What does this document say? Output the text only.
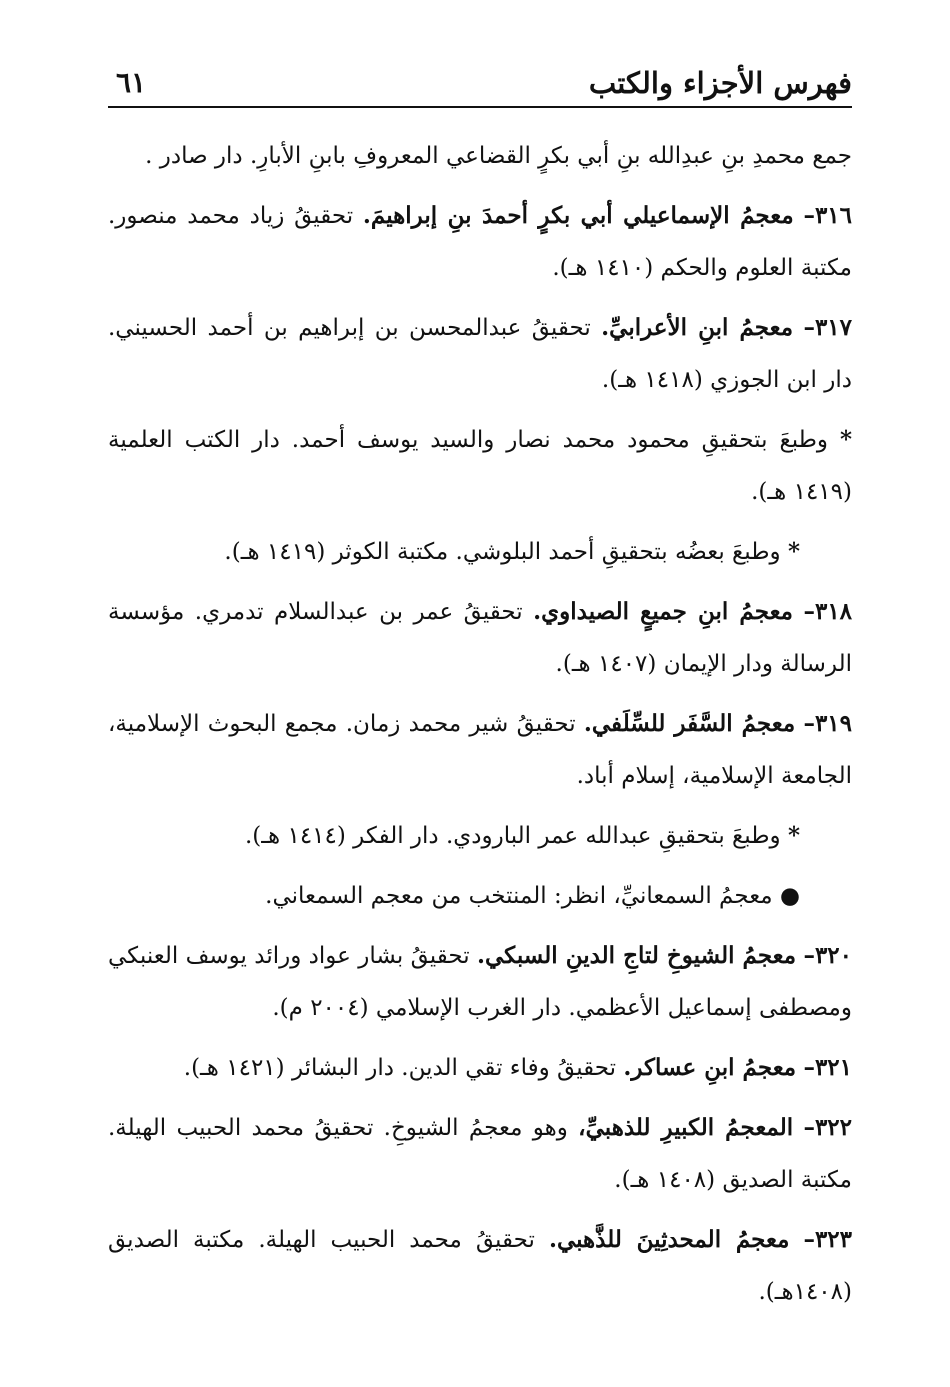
فهرس الأجزاء والكتب
٦١

جمع محمدِ بنِ عبدِالله بنِ أبي بكرٍ القضاعي المعروفِ بابنِ الأبارِ. دار صادر .

٣١٦– معجمُ الإسماعيلي أبي بكرٍ أحمدَ بنِ إبراهيمَ. تحقيقُ زياد محمد منصور. مكتبة العلوم والحكم (١٤١٠ هـ).

٣١٧– معجمُ ابنِ الأعرابيِّ. تحقيقُ عبدالمحسن بن إبراهيم بن أحمد الحسيني. دار ابن الجوزي (١٤١٨ هـ).

* وطبعَ بتحقيقِ محمود محمد نصار والسيد يوسف أحمد. دار الكتب العلمية (١٤١٩ هـ).

* وطبعَ بعضُه بتحقيقِ أحمد البلوشي. مكتبة الكوثر (١٤١٩ هـ).

٣١٨– معجمُ ابنِ جميعٍ الصيداوي. تحقيقُ عمر بن عبدالسلام تدمري. مؤسسة الرسالة ودار الإيمان (١٤٠٧ هـ).

٣١٩– معجمُ السَّفَر للسِّلَفي. تحقيقُ شير محمد زمان. مجمع البحوث الإسلامية، الجامعة الإسلامية، إسلام أباد.

* وطبعَ بتحقيقِ عبدالله عمر البارودي. دار الفكر (١٤١٤ هـ).

● معجمُ السمعانيِّ، انظر: المنتخب من معجم السمعاني.

٣٢٠– معجمُ الشيوخِ لتاجِ الدينِ السبكي. تحقيقُ بشار عواد ورائد يوسف العنبكي ومصطفى إسماعيل الأعظمي. دار الغرب الإسلامي (٢٠٠٤ م).

٣٢١– معجمُ ابنِ عساكر. تحقيقُ وفاء تقي الدين. دار البشائر (١٤٢١ هـ).

٣٢٢– المعجمُ الكبيرِ للذهبيِّ، وهو معجمُ الشيوخِ. تحقيقُ محمد الحبيب الهيلة. مكتبة الصديق (١٤٠٨ هـ).

٣٢٣– معجمُ المحدثِينَ للذَّهبي. تحقيقُ محمد الحبيب الهيلة. مكتبة الصديق (١٤٠٨هـ).
